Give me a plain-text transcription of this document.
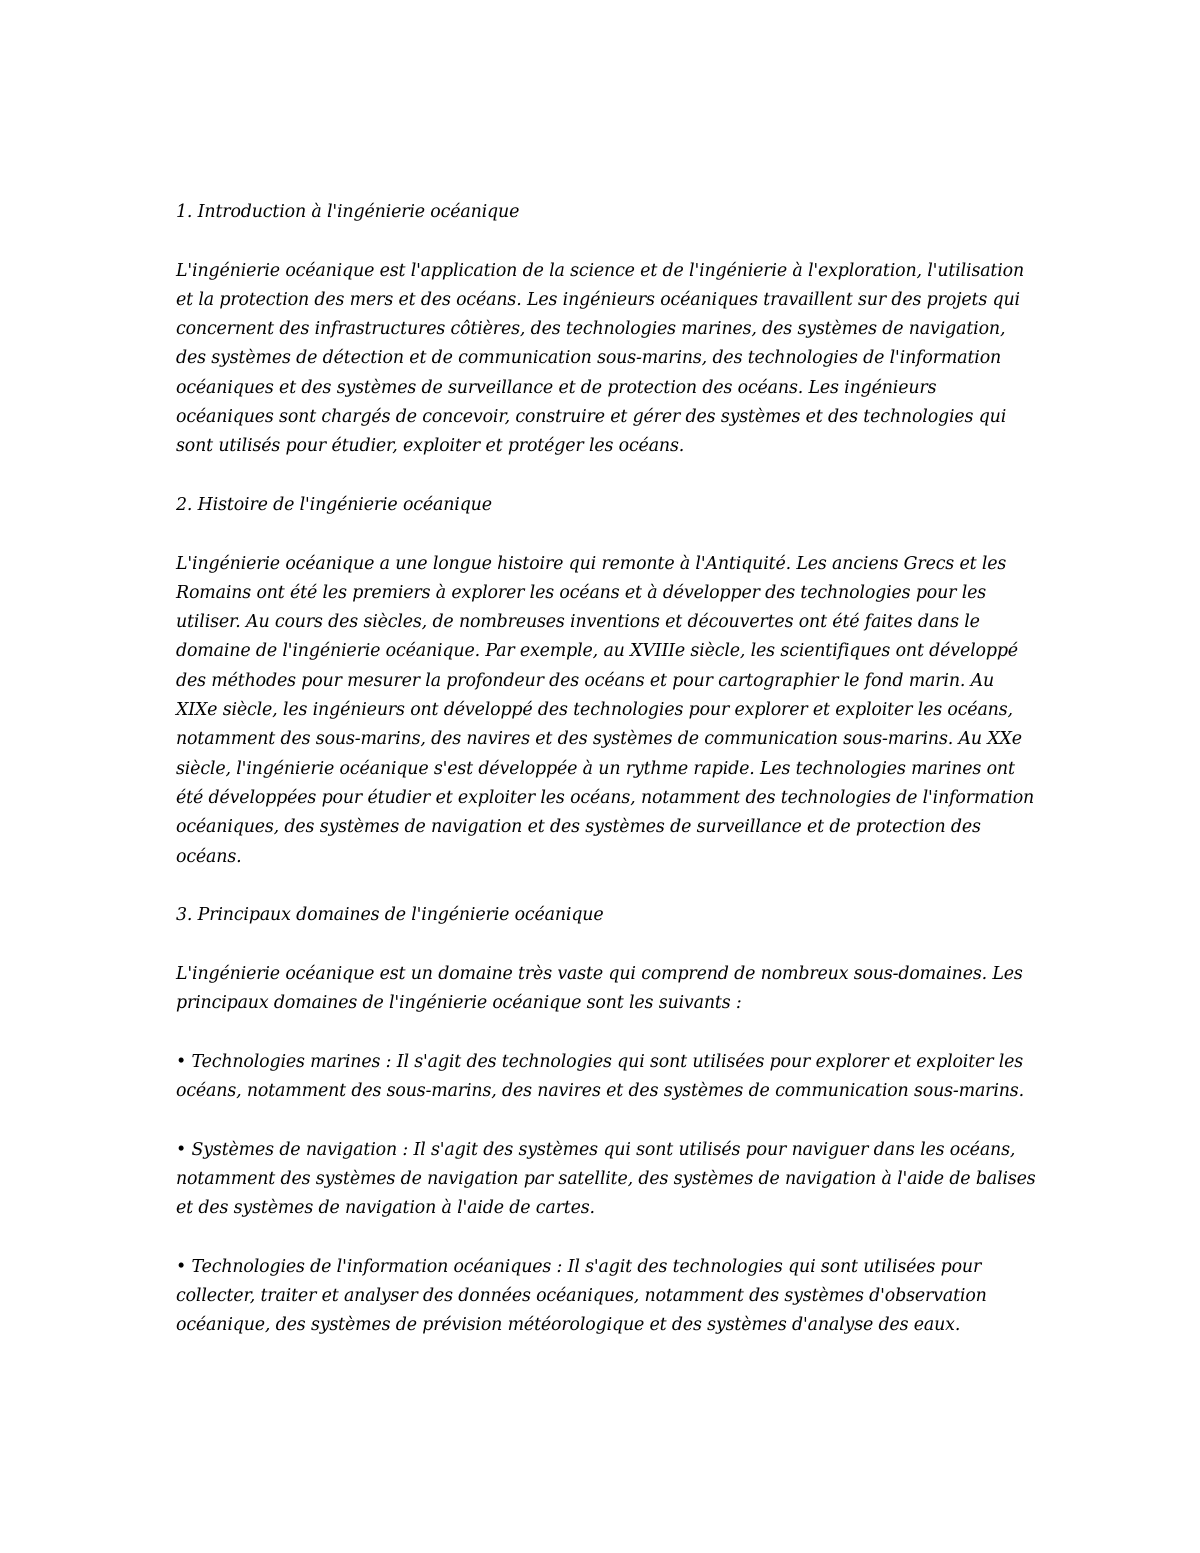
1. Introduction à l'ingénierie océanique

L'ingénierie océanique est l'application de la science et de l'ingénierie à l'exploration, l'utilisation et la protection des mers et des océans. Les ingénieurs océaniques travaillent sur des projets qui concernent des infrastructures côtières, des technologies marines, des systèmes de navigation, des systèmes de détection et de communication sous-marins, des technologies de l'information océaniques et des systèmes de surveillance et de protection des océans. Les ingénieurs océaniques sont chargés de concevoir, construire et gérer des systèmes et des technologies qui sont utilisés pour étudier, exploiter et protéger les océans.

2. Histoire de l'ingénierie océanique

L'ingénierie océanique a une longue histoire qui remonte à l'Antiquité. Les anciens Grecs et les Romains ont été les premiers à explorer les océans et à développer des technologies pour les utiliser. Au cours des siècles, de nombreuses inventions et découvertes ont été faites dans le domaine de l'ingénierie océanique. Par exemple, au XVIIIe siècle, les scientifiques ont développé des méthodes pour mesurer la profondeur des océans et pour cartographier le fond marin. Au XIXe siècle, les ingénieurs ont développé des technologies pour explorer et exploiter les océans, notamment des sous-marins, des navires et des systèmes de communication sous-marins. Au XXe siècle, l'ingénierie océanique s'est développée à un rythme rapide. Les technologies marines ont été développées pour étudier et exploiter les océans, notamment des technologies de l'information océaniques, des systèmes de navigation et des systèmes de surveillance et de protection des océans.

3. Principaux domaines de l'ingénierie océanique

L'ingénierie océanique est un domaine très vaste qui comprend de nombreux sous-domaines. Les principaux domaines de l'ingénierie océanique sont les suivants :

• Technologies marines : Il s'agit des technologies qui sont utilisées pour explorer et exploiter les océans, notamment des sous-marins, des navires et des systèmes de communication sous-marins.

• Systèmes de navigation : Il s'agit des systèmes qui sont utilisés pour naviguer dans les océans, notamment des systèmes de navigation par satellite, des systèmes de navigation à l'aide de balises et des systèmes de navigation à l'aide de cartes.

• Technologies de l'information océaniques : Il s'agit des technologies qui sont utilisées pour collecter, traiter et analyser des données océaniques, notamment des systèmes d'observation océanique, des systèmes de prévision météorologique et des systèmes d'analyse des eaux.
